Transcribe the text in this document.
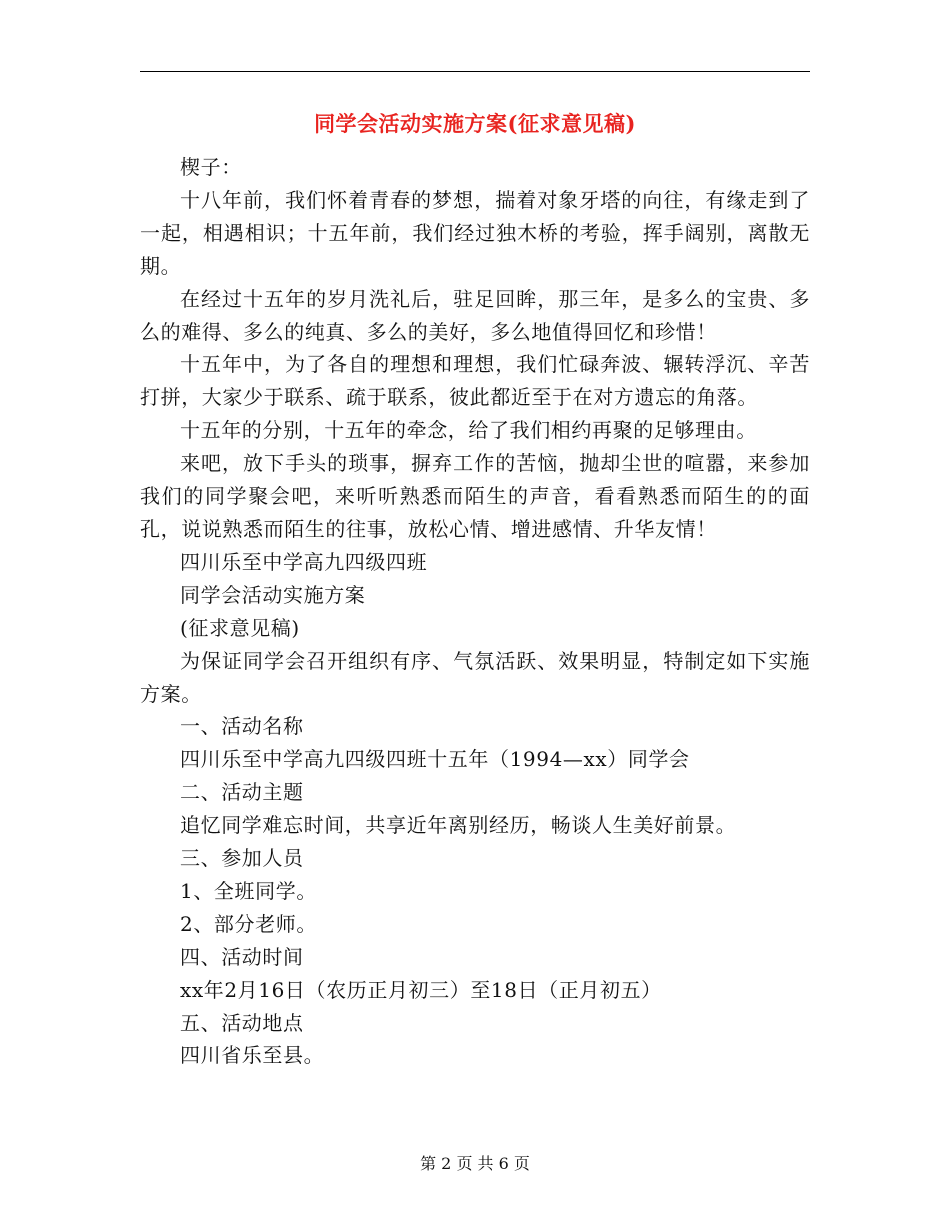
同学会活动实施方案(征求意见稿)

楔子：

十八年前，我们怀着青春的梦想，揣着对象牙塔的向往，有缘走到了一起，相遇相识；十五年前，我们经过独木桥的考验，挥手阔别，离散无期。

在经过十五年的岁月洗礼后，驻足回眸，那三年，是多么的宝贵、多么的难得、多么的纯真、多么的美好，多么地值得回忆和珍惜！

十五年中，为了各自的理想和理想，我们忙碌奔波、辗转浮沉、辛苦打拼，大家少于联系、疏于联系，彼此都近至于在对方遗忘的角落。

十五年的分别，十五年的牵念，给了我们相约再聚的足够理由。

来吧，放下手头的琐事，摒弃工作的苦恼，抛却尘世的喧嚣，来参加我们的同学聚会吧，来听听熟悉而陌生的声音，看看熟悉而陌生的的面孔，说说熟悉而陌生的往事，放松心情、增进感情、升华友情！

四川乐至中学高九四级四班

同学会活动实施方案

(征求意见稿)

为保证同学会召开组织有序、气氛活跃、效果明显，特制定如下实施方案。

一、活动名称

四川乐至中学高九四级四班十五年（1994—xx）同学会

二、活动主题

追忆同学难忘时间，共享近年离别经历，畅谈人生美好前景。

三、参加人员

1、全班同学。

2、部分老师。

四、活动时间

xx年2月16日（农历正月初三）至18日（正月初五）

五、活动地点

四川省乐至县。

第 2 页 共 6 页
